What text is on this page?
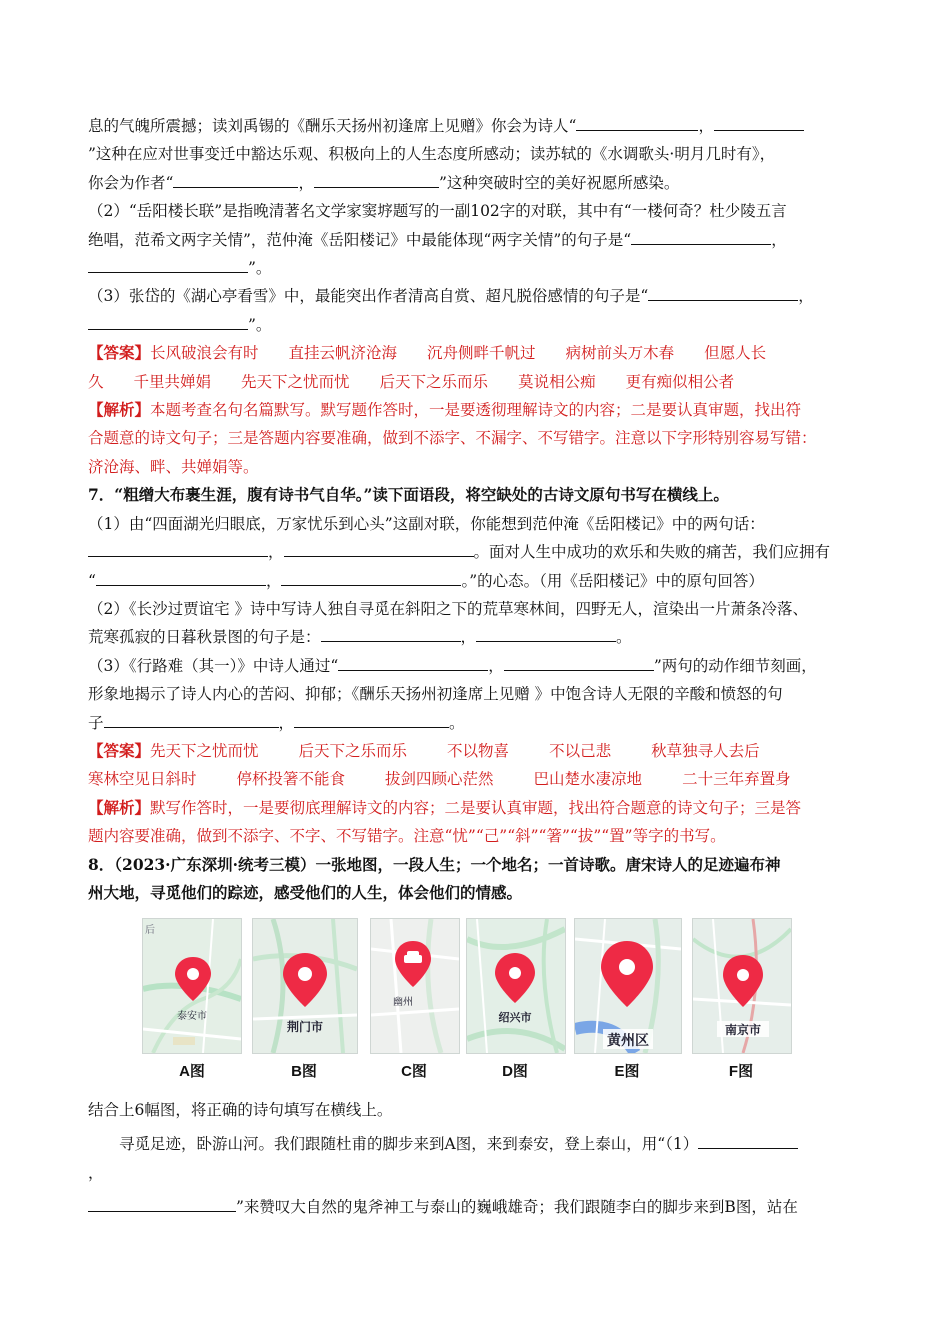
息的气魄所震撼；读刘禹锡的《酬乐天扬州初逢席上见赠》你会为诗人“	，

”这种在应对世事变迁中豁达乐观、积极向上的人生态度所感动；读苏轼的《水调歌头·明月几时有》，

你会为作者“	，	”这种突破时空的美好祝愿所感染。

（2）“岳阳楼长联”是指晚清著名文学家窦垿题写的一副102字的对联，其中有“一楼何奇？杜少陵五言

绝唱，范希文两字关情”，范仲淹《岳阳楼记》中最能体现“两字关情”的句子是“	，

”。

（3）张岱的《湖心亭看雪》中，最能突出作者清高自赏、超凡脱俗感情的句子是“	，

”。

【答案】长风破浪会有时 直挂云帆济沧海 沉舟侧畔千帆过 病树前头万木春 但愿人长

久 千里共婵娟 先天下之忧而忧 后天下之乐而乐 莫说相公痴 更有痴似相公者

【解析】本题考查名句名篇默写。默写题作答时，一是要透彻理解诗文的内容；二是要认真审题，找出符

合题意的诗文句子；三是答题内容要准确，做到不添字、不漏字、不写错字。注意以下字形特别容易写错：

济沧海、畔、共婵娟等。

7．“粗缯大布裹生涯，腹有诗书气自华。”读下面语段，将空缺处的古诗文原句书写在横线上。

（1）由“四面湖光归眼底，万家忧乐到心头”这副对联，你能想到范仲淹《岳阳楼记》中的两句话：

，	。面对人生中成功的欢乐和失败的痛苦，我们应拥有

“	，	。”的心态。（用《岳阳楼记》中的原句回答）

（2）《长沙过贾谊宅 》诗中写诗人独自寻觅在斜阳之下的荒草寒林间，四野无人，渲染出一片萧条冷落、

荒寒孤寂的日暮秋景图的句子是：	，	。

（3）《行路难（其一）》中诗人通过“	，	”两句的动作细节刻画，

形象地揭示了诗人内心的苦闷、抑郁；《酬乐天扬州初逢席上见赠 》中饱含诗人无限的辛酸和愤怒的句

子	，	。

【答案】先天下之忧而忧	后天下之乐而乐	不以物喜	不以己悲	秋草独寻人去后

寒林空见日斜时	停杯投箸不能食	拔剑四顾心茫然	巴山楚水凄凉地	二十三年弃置身

【解析】默写作答时，一是要彻底理解诗文的内容；二是要认真审题，找出符合题意的诗文句子；三是答

题内容要准确，做到不添字、不字、不写错字。注意“忧”“己”“斜”“箸”“拔”“置”等字的书写。

8．（2023·广东深圳·统考三模）一张地图，一段人生；一个地名；一首诗歌。唐宋诗人的足迹遍布神

州大地，寻觅他们的踪迹，感受他们的人生，体会他们的情感。

后
泰安市
荆门市
幽州
绍兴市
黄州区
南京市
A图	B图	C图	D图	E图	F图

结合上6幅图，将正确的诗句填写在横线上。

寻觅足迹，卧游山河。我们跟随杜甫的脚步来到A图，来到泰安，登上泰山，用“（1）

，

”来赞叹大自然的鬼斧神工与泰山的巍峨雄奇；我们跟随李白的脚步来到B图，站在
